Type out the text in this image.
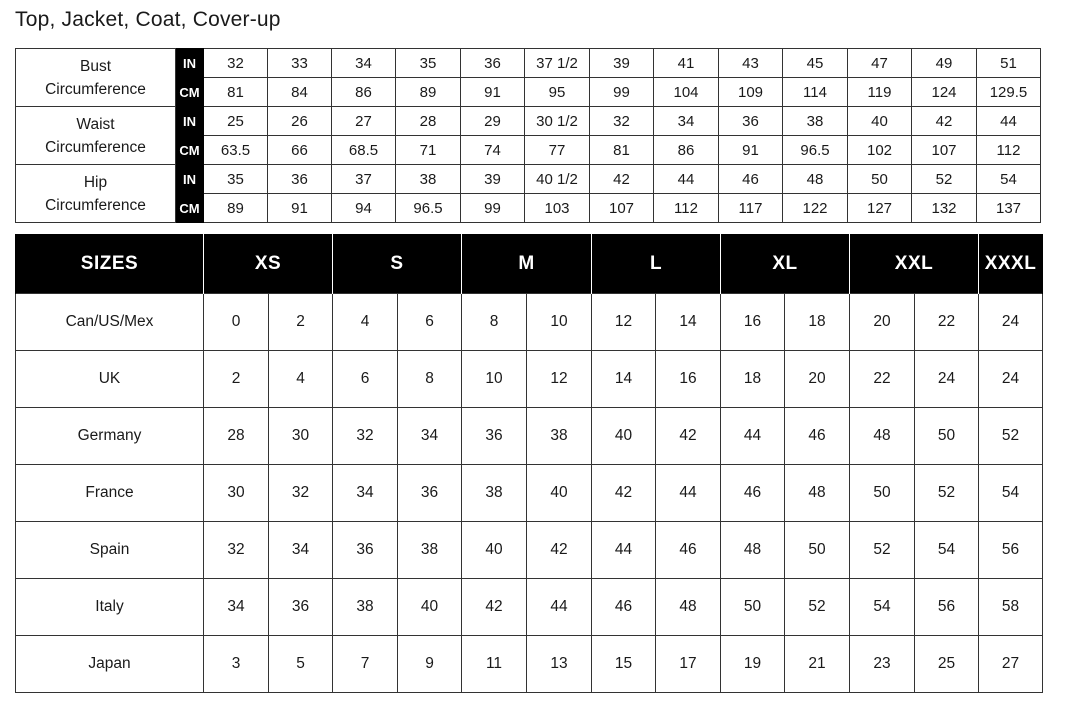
Top, Jacket, Coat, Cover-up
Bust
Circumference	IN	32	33	34	35	36	37 1/2	39	41	43	45	47	49	51
	CM	81	84	86	89	91	95	99	104	109	114	119	124	129.5
Waist
Circumference	IN	25	26	27	28	29	30 1/2	32	34	36	38	40	42	44
	CM	63.5	66	68.5	71	74	77	81	86	91	96.5	102	107	112
Hip
Circumference	IN	35	36	37	38	39	40 1/2	42	44	46	48	50	52	54
	CM	89	91	94	96.5	99	103	107	112	117	122	127	132	137
SIZES	XS		S		M		L		XL		XXL		XXXL
Can/US/Mex	0	2	4	6	8	10	12	14	16	18	20	22	24
UK	2	4	6	8	10	12	14	16	18	20	22	24	24
Germany	28	30	32	34	36	38	40	42	44	46	48	50	52
France	30	32	34	36	38	40	42	44	46	48	50	52	54
Spain	32	34	36	38	40	42	44	46	48	50	52	54	56
Italy	34	36	38	40	42	44	46	48	50	52	54	56	58
Japan	3	5	7	9	11	13	15	17	19	21	23	25	27
